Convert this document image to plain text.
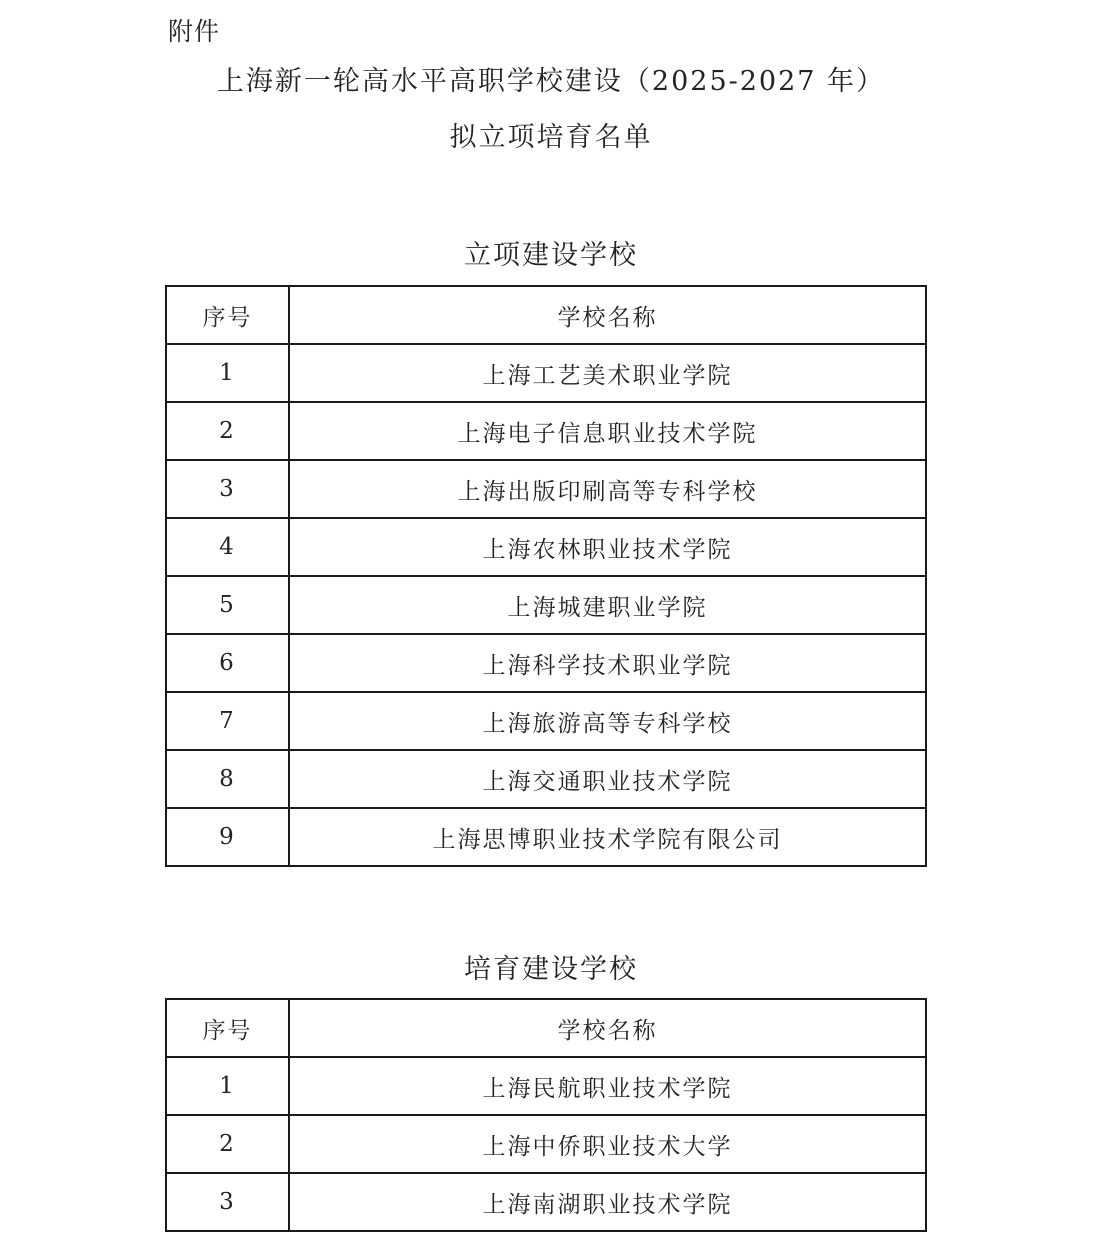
附件
上海新一轮高水平高职学校建设（2025-2027 年）
拟立项培育名单
立项建设学校
序号	学校名称
1	上海工艺美术职业学院
2	上海电子信息职业技术学院
3	上海出版印刷高等专科学校
4	上海农林职业技术学院
5	上海城建职业学院
6	上海科学技术职业学院
7	上海旅游高等专科学校
8	上海交通职业技术学院
9	上海思博职业技术学院有限公司
培育建设学校
序号	学校名称
1	上海民航职业技术学院
2	上海中侨职业技术大学
3	上海南湖职业技术学院
